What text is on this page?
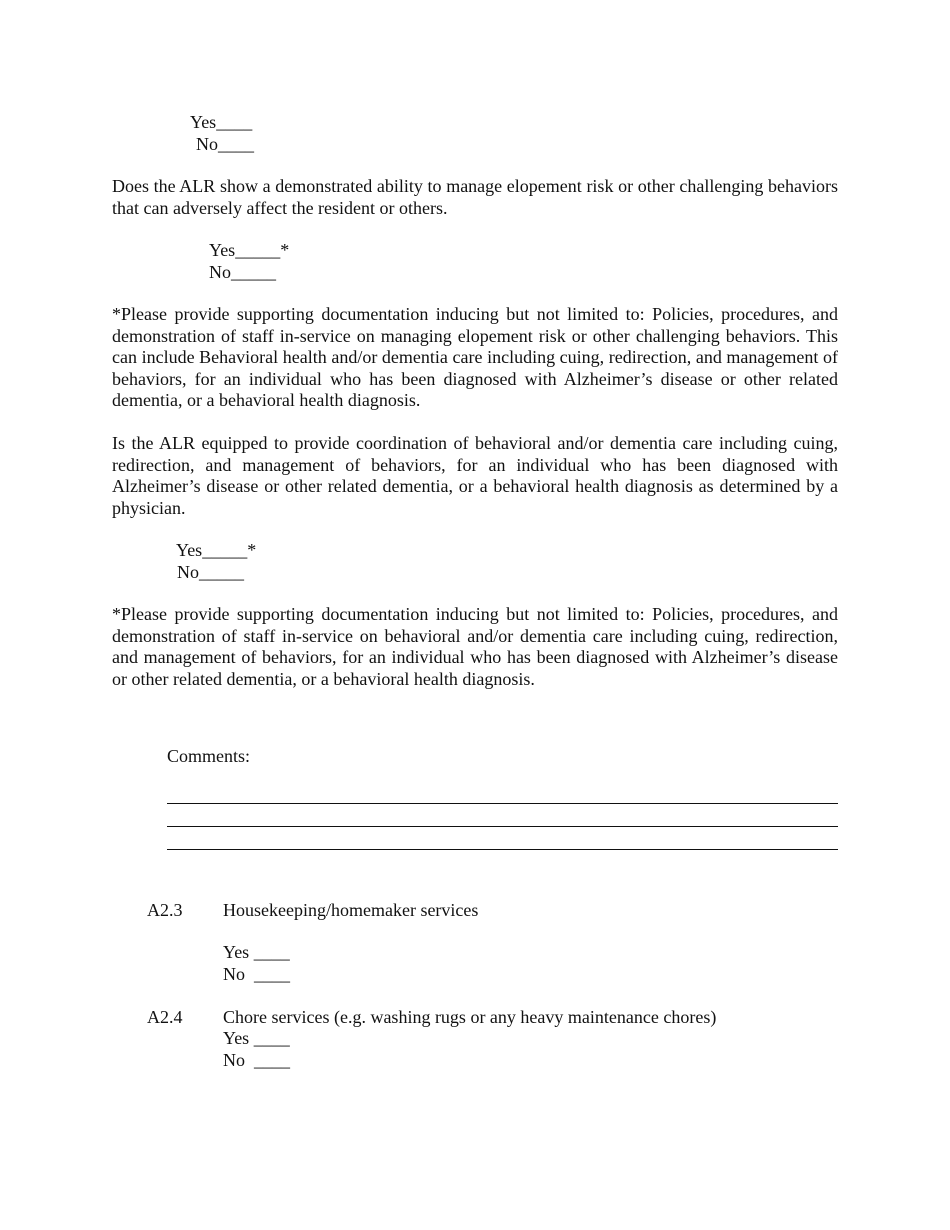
Yes____
No____
Does the ALR show a demonstrated ability to manage elopement risk or other challenging behaviors that can adversely affect the resident or others.
Yes_____*
No_____
*Please provide supporting documentation inducing but not limited to: Policies, procedures, and demonstration of staff in-service on managing elopement risk or other challenging behaviors. This can include Behavioral health and/or dementia care including cuing, redirection, and management of behaviors, for an individual who has been diagnosed with Alzheimer’s disease or other related dementia, or a behavioral health diagnosis.
Is the ALR equipped to provide coordination of behavioral and/or dementia care including cuing, redirection, and management of behaviors, for an individual who has been diagnosed with Alzheimer’s disease or other related dementia, or a behavioral health diagnosis as determined by a physician.
Yes_____*
No_____
*Please provide supporting documentation inducing but not limited to: Policies, procedures, and demonstration of staff in-service on behavioral and/or dementia care including cuing, redirection, and management of behaviors, for an individual who has been diagnosed with Alzheimer’s disease or other related dementia, or a behavioral health diagnosis.
Comments:
A2.3 Housekeeping/homemaker services
Yes ____
No  ____
A2.4 Chore services (e.g. washing rugs or any heavy maintenance chores)
Yes ____
No  ____
